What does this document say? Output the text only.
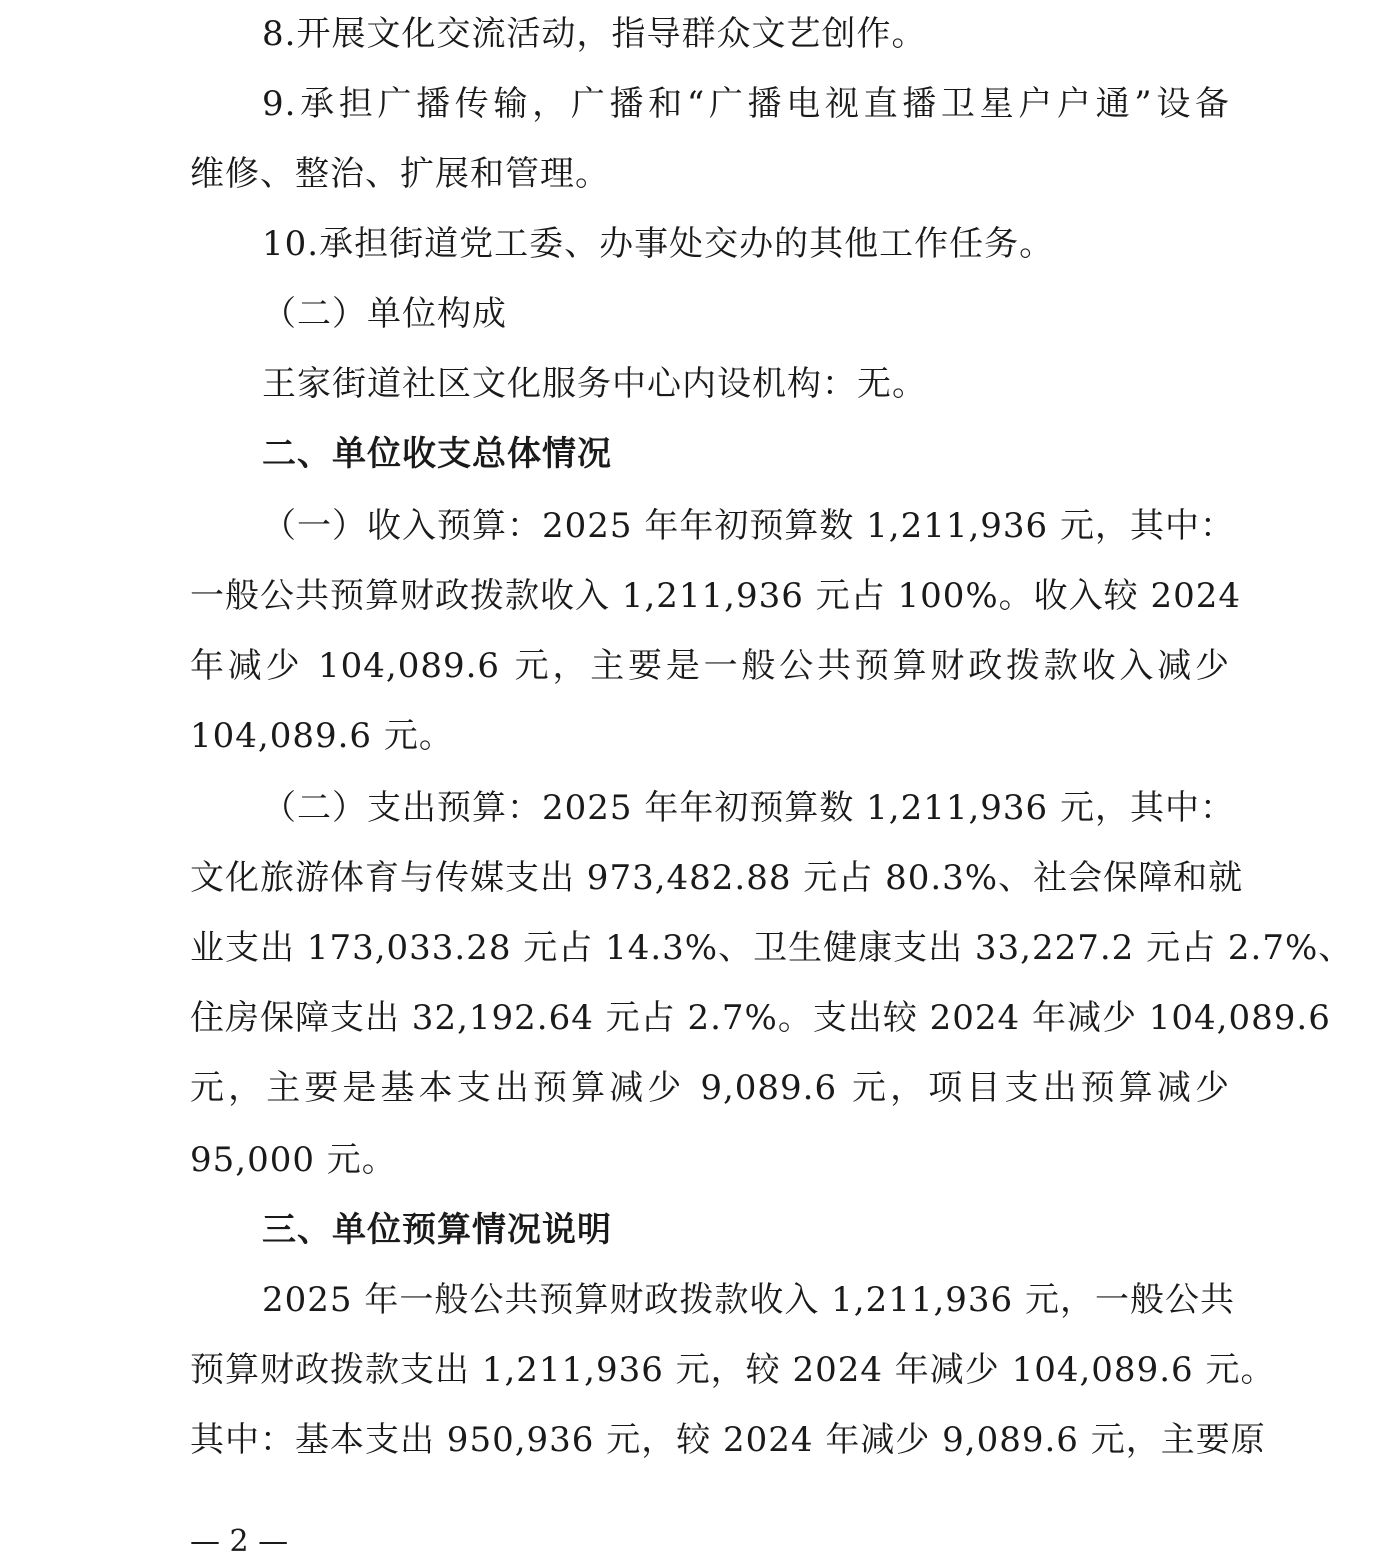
8.开展文化交流活动，指导群众文艺创作。
9.承担广播传输，广播和“广播电视直播卫星户户通”设备
维修、整治、扩展和管理。
10.承担街道党工委、办事处交办的其他工作任务。
（二）单位构成
王家街道社区文化服务中心内设机构：无。
二、单位收支总体情况
（一）收入预算：2025 年年初预算数 1,211,936 元，其中：
一般公共预算财政拨款收入 1,211,936 元占 100%。收入较 2024
年减少 104,089.6 元，主要是一般公共预算财政拨款收入减少
104,089.6 元。
（二）支出预算：2025 年年初预算数 1,211,936 元，其中：
文化旅游体育与传媒支出 973,482.88 元占 80.3%、社会保障和就
业支出 173,033.28 元占 14.3%、卫生健康支出 33,227.2 元占 2.7%、
住房保障支出 32,192.64 元占 2.7%。支出较 2024 年减少 104,089.6
元，主要是基本支出预算减少 9,089.6 元，项目支出预算减少
95,000 元。
三、单位预算情况说明
2025 年一般公共预算财政拨款收入 1,211,936 元，一般公共
预算财政拨款支出 1,211,936 元，较 2024 年减少 104,089.6 元。
其中：基本支出 950,936 元，较 2024 年减少 9,089.6 元，主要原
— 2 —
